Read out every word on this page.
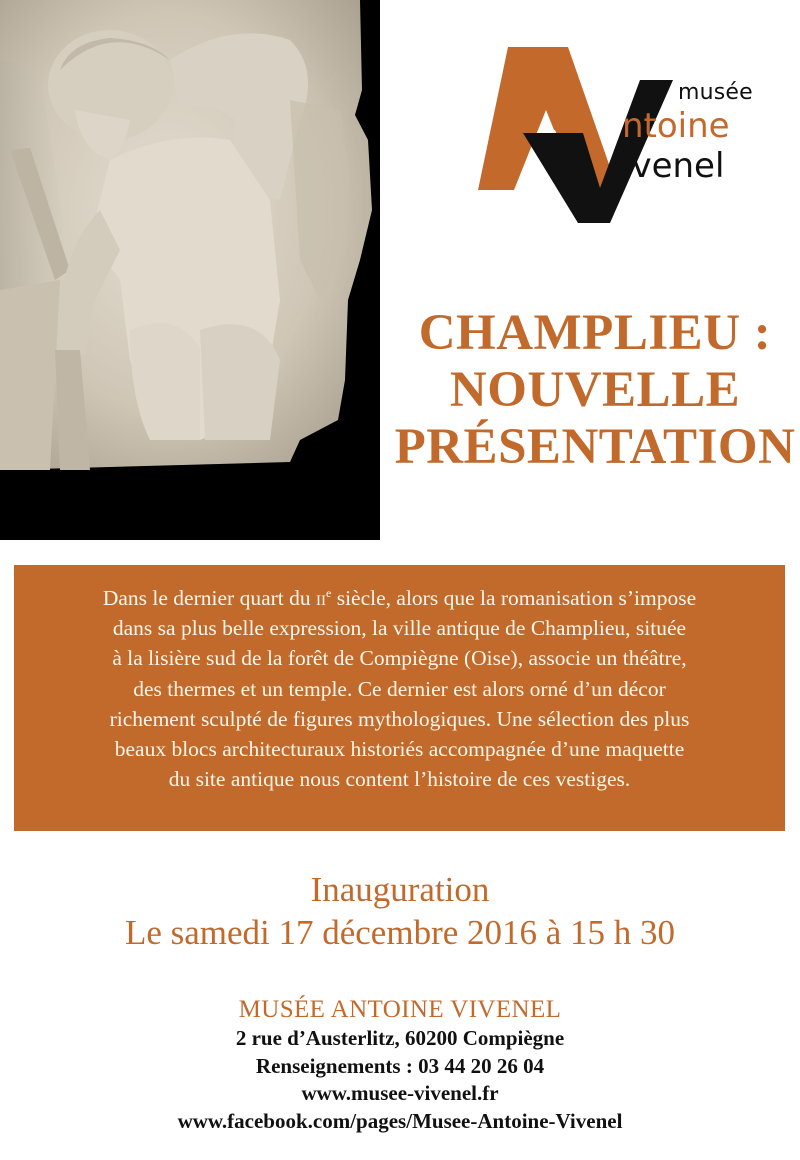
musée
ntoine
ivenel
CHAMPLIEU :
NOUVELLE
PRÉSENTATION
Dans le dernier quart du $ii^e$ siècle, alors que la romanisation s’impose
dans sa plus belle expression, la ville antique de Champlieu, située
à la lisière sud de la forêt de Compiègne (Oise), associe un théâtre,
des thermes et un temple. Ce dernier est alors orné d’un décor
richement sculpté de figures mythologiques. Une sélection des plus
beaux blocs architecturaux historiés accompagnée d’une maquette
du site antique nous content l’histoire de ces vestiges.
Inauguration
Le samedi 17 décembre 2016 à 15 h 30
MUSÉE ANTOINE VIVENEL
2 rue d’Austerlitz, 60200 Compiègne
Renseignements : 03 44 20 26 04
www.musee-vivenel.fr
www.facebook.com/pages/Musee-Antoine-Vivenel
